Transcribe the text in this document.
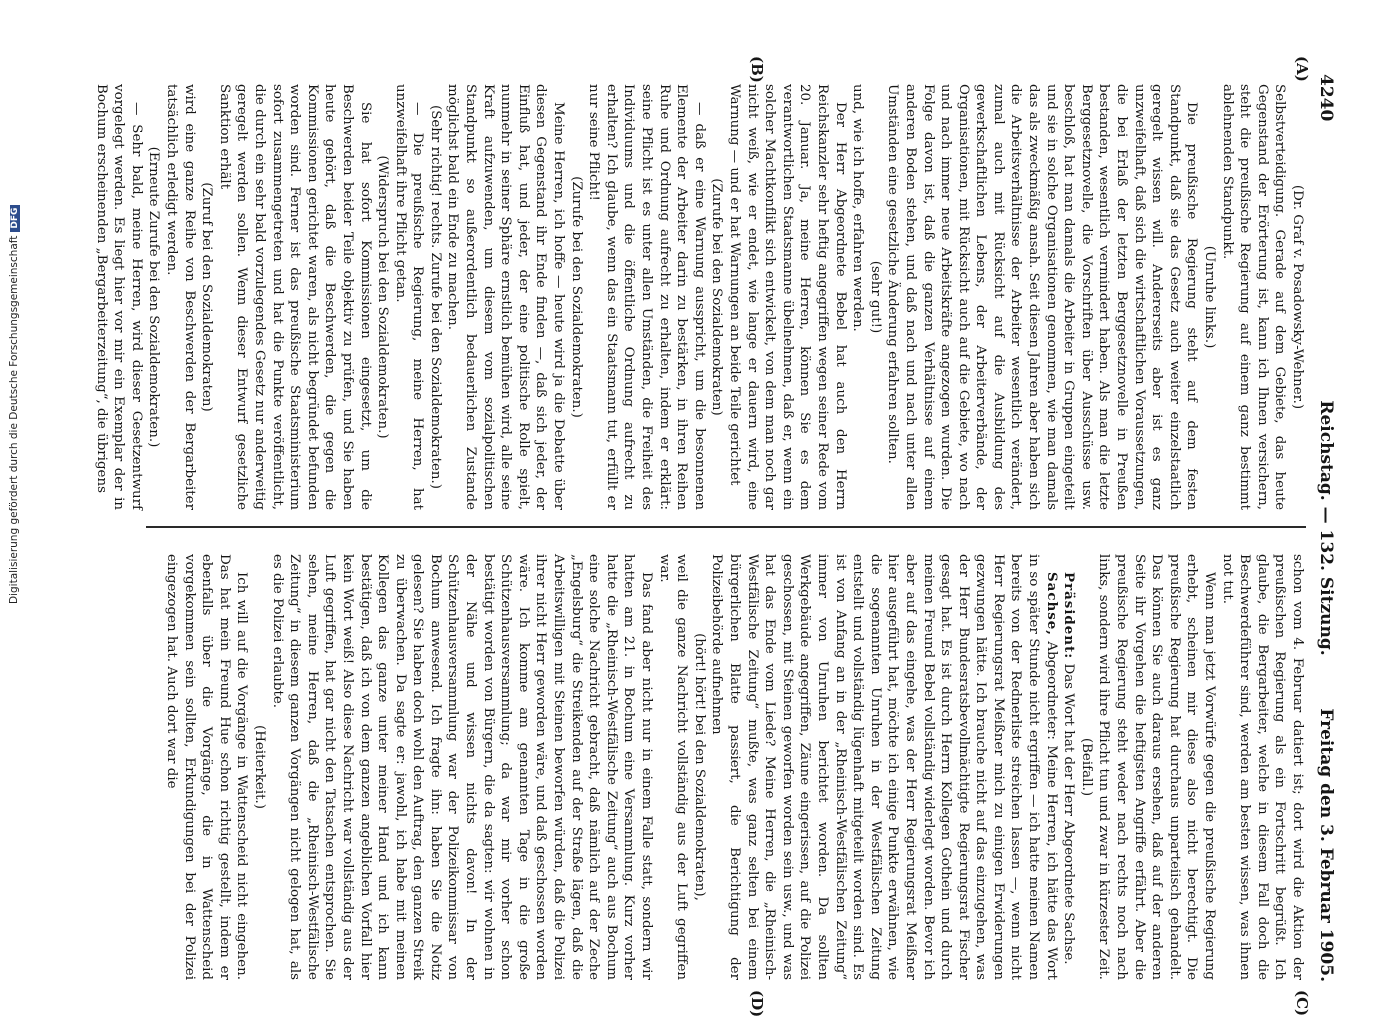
4240
Reichstag. — 132. Sitzung.
Freitag den 3. Februar 1905.
(A)
(B)
(C)
(D)

(Dr. Graf v. Posadowsky-Wehner.)

Selbstverteidigung. Gerade auf dem Gebiete, das heute Gegenstand der Erörterung ist, kann ich Ihnen versichern, steht die preußische Regierung auf einem ganz bestimmt ablehnenden Standpunkt.

(Unruhe links.)

Die preußische Regierung steht auf dem festen Standpunkt, daß sie das Gesetz auch weiter einzelstaatlich geregelt wissen will. Andererseits aber ist es ganz unzweifelhaft, daß sich die wirtschaftlichen Voraussetzungen, die bei Erlaß der letzten Berggesetznovelle in Preußen bestanden, wesentlich vermindert haben. Als man die letzte Berggesetznovelle, die Vorschriften über Ausschüsse usw. beschloß, hat man damals die Arbeiter in Gruppen eingeteilt und sie in solche Organisationen genommen, wie man damals das als zweckmäßig ansah. Seit diesen Jahren aber haben sich die Arbeitsverhältnisse der Arbeiter wesentlich verändert, zumal auch mit Rücksicht auf die Ausbildung des gewerkschaftlichen Lebens, der Arbeiterverbände, der Organisationen, mit Rücksicht auch auf die Gebiete, wo nach und nach immer neue Arbeitskräfte angezogen wurden. Die Folge davon ist, daß die ganzen Verhältnisse auf einem anderen Boden stehen, und daß nach und nach unter allen Umständen eine gesetzliche Änderung erfahren sollten.

(sehr gut!)

und, wie ich hoffe, erfahren werden.

Der Herr Abgeordnete Bebel hat auch den Herrn Reichskanzler sehr heftig angegriffen wegen seiner Rede vom 20. Januar. Ja, meine Herren, können Sie es dem verantwortlichen Staatsmanne übelnehmen, daß er, wenn ein solcher Machtkonflikt sich entwickelt, von dem man noch gar nicht weiß, wie er endet, wie lange er dauern wird, eine Warnung — und er hat Warnungen an beide Teile gerichtet

(Zurufe bei den Sozialdemokraten)

— daß er eine Warnung ausspricht, um die besonnenen Elemente der Arbeiter darin zu bestärken, in ihren Reihen Ruhe und Ordnung aufrecht zu erhalten, indem er erklärt: seine Pflicht ist es unter allen Umständen, die Freiheit des Individuums und die öffentliche Ordnung aufrecht zu erhalten? Ich glaube, wenn das ein Staatsmann tut, erfüllt er nur seine Pflicht!

(Zurufe bei den Sozialdemokraten.)

Meine Herren, ich hoffe — heute wird ja die Debatte über diesen Gegenstand ihr Ende finden —, daß sich jeder, der Einfluß hat, und jeder, der eine politische Rolle spielt, nunmehr in seiner Sphäre ernstlich bemühen wird, alle seine Kraft aufzuwenden, um diesem vom sozialpolitischen Standpunkt so außerordentlich bedauerlichen Zustande möglichst bald ein Ende zu machen.

(Sehr richtig! rechts. Zurufe bei den Sozialdemokraten.)

— Die preußische Regierung, meine Herren, hat unzweifelhaft ihre Pflicht getan.

(Widerspruch bei den Sozialdemokraten.)

Sie hat sofort Kommissionen eingesetzt, um die Beschwerden beider Teile objektiv zu prüfen, und Sie haben heute gehört, daß die Beschwerden, die gegen die Kommissionen gerichtet waren, als nicht begründet befunden worden sind. Ferner ist das preußische Staatsministerium sofort zusammengetreten und hat die Punkte veröffentlicht, die durch ein sehr bald vorzulegendes Gesetz nur anderweitig geregelt werden sollen. Wenn dieser Entwurf gesetzliche Sanktion erhält

(Zuruf bei den Sozialdemokraten)

wird eine ganze Reihe von Beschwerden der Bergarbeiter tatsächlich erledigt werden.

(Erneute Zurufe bei den Sozialdemokraten.)

— Sehr bald, meine Herren, wird dieser Gesetzentwurf vorgelegt werden. Es liegt hier vor mir ein Exemplar der in Bochum erscheinenden „Bergarbeiterzeitung“, die übrigens

schon vom 4. Februar datiert ist; dort wird die Aktion der preußischen Regierung als ein Fortschritt begrüßt. Ich glaube, die Bergarbeiter, welche in diesem Fall doch die Beschwerdeführer sind, werden am besten wissen, was ihnen not tut.

Wenn man jetzt Vorwürfe gegen die preußische Regierung erhebt, scheinen mir diese also nicht berechtigt. Die preußische Regierung hat durchaus unparteiisch gehandelt. Das können Sie auch daraus ersehen, daß auf der anderen Seite ihr Vorgehen die heftigsten Angriffe erfährt. Aber die preußische Regierung steht weder nach rechts noch nach links, sondern wird ihre Pflicht tun und zwar in kürzester Zeit.

(Beifall.)

Präsident: Das Wort hat der Herr Abgeordnete Sachse.

Sachse, Abgeordneter: Meine Herren, ich hätte das Wort in so später Stunde nicht ergriffen — ich hatte meinen Namen bereits von der Rednerliste streichen lassen —, wenn nicht Herr Regierungsrat Meißner mich zu einigen Erwiderungen gezwungen hätte. Ich brauche nicht auf das einzugehen, was der Herr Bundesratsbevollmächtigte Regierungsrat Fischer gesagt hat. Es ist durch Herrn Kollegen Gothein und durch meinen Freund Bebel vollständig widerlegt worden. Bevor ich aber auf das eingehe, was der Herr Regierungsrat Meißner hier ausgeführt hat, möchte ich einige Punkte erwähnen, wie die sogenannten Unruhen in der Westfälischen Zeitung entstellt und vollständig lügenhaft mitgeteilt worden sind. Es ist von Anfang an in der „Rheinisch-Westfälischen Zeitung“ immer von Unruhen berichtet worden. Da sollten Werkgebäude angegriffen, Zäune eingerissen, auf die Polizei geschossen, mit Steinen geworfen worden sein usw., und was hat das Ende vom Liede? Meine Herren, die „Rheinisch-Westfälische Zeitung“ mußte, was ganz selten bei einem bürgerlichen Blatte passiert, die Berichtigung der Polizeibehörde aufnehmen

(hört! hört! bei den Sozialdemokraten),

weil die ganze Nachricht vollständig aus der Luft gegriffen war.

Das fand aber nicht nur in einem Falle statt, sondern wir hatten am 21. in Bochum eine Versammlung. Kurz vorher hatte die „Rheinisch-Westfälische Zeitung“ auch aus Bochum eine solche Nachricht gebracht, daß nämlich auf der Zeche „Engelsburg“ die Streikenden auf der Straße lägen, daß die Arbeitswilligen mit Steinen beworfen würden, daß die Polizei ihrer nicht Herr geworden wäre, und daß geschossen worden wäre. Ich komme am genannten Tage in die große Schützenhausversammlung; da war mir vorher schon bestätigt worden von Bürgern, die da sagten: wir wohnen in der Nähe und wissen nichts davon! In der Schützenhausversammlung war der Polizeikommissar von Bochum anwesend. Ich fragte ihn: haben Sie die Notiz gelesen? Sie haben doch wohl den Auftrag, den ganzen Streik zu überwachen. Da sagte er: jawohl, ich habe mit meinen Kollegen das ganze unter meiner Hand und ich kann bestätigen, daß ich von dem ganzen angeblichen Vorfall hier kein Wort weiß! Also diese Nachricht war vollständig aus der Luft gegriffen, hat gar nicht den Tatsachen entsprochen. Sie sehen, meine Herren, daß die „Rheinisch-Westfälische Zeitung“ in diesem ganzen Vorgängen nicht gelogen hat, als es die Polizei erlaubte.

(Heiterkeit.)

Ich will auf die Vorgänge in Wattenscheid nicht eingehen. Das hat mein Freund Hue schon richtig gestellt, indem er ebenfalls über die Vorgänge, die in Wattenscheid vorgekommen sein sollten, Erkundigungen bei der Polizei eingezogen hat. Auch dort war die

Digitalisierung gefördert durch die Deutsche ForschungsgemeinschaftDFG
